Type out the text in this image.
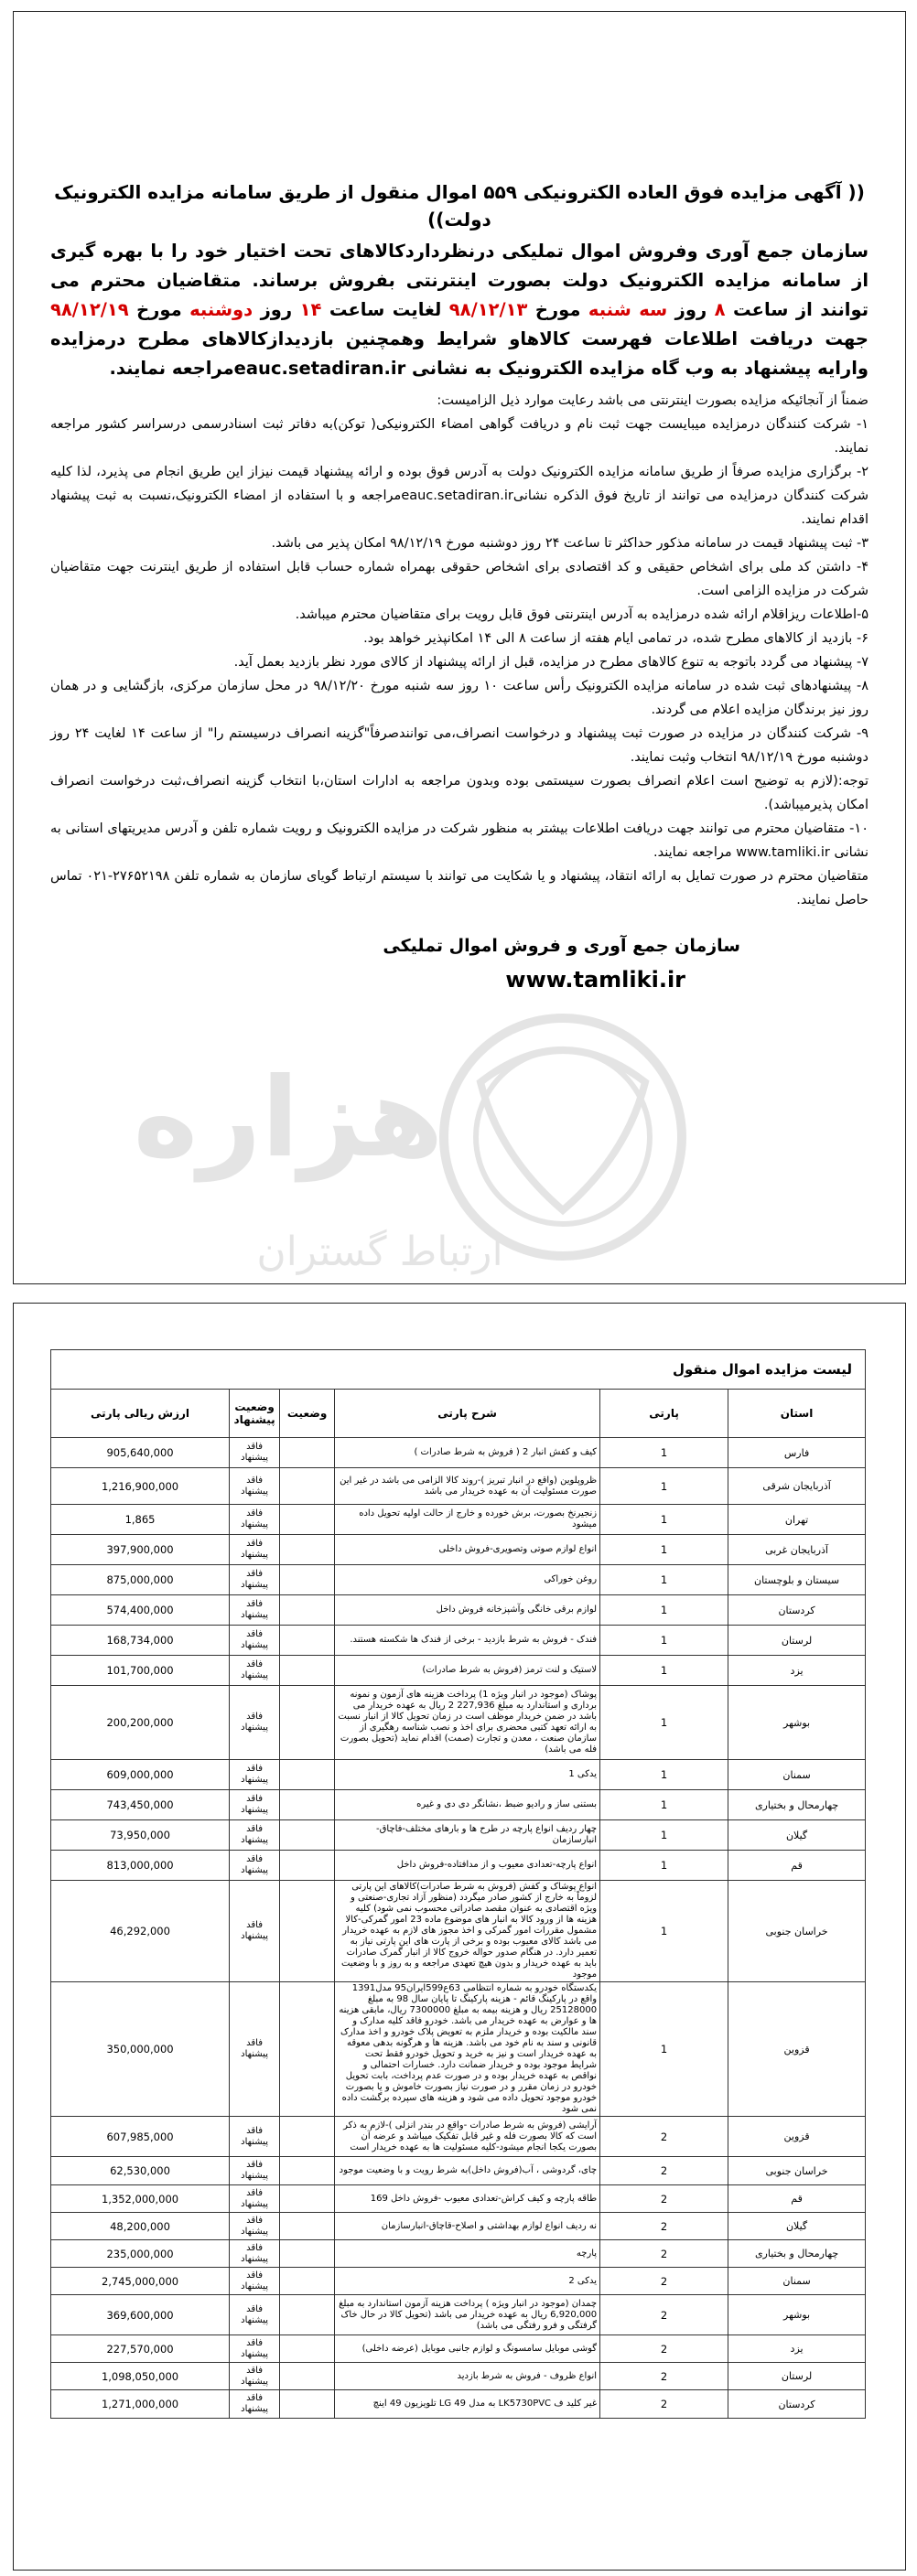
هزاره
ارتباط گستران

(( آگهی مزایده فوق العاده الکترونیکی ۵۵۹ اموال منقول از طریق سامانه مزایده الکترونیک دولت))

سازمان جمع آوری وفروش اموال تملیکی درنظرداردکالاهای تحت اختیار خود را با بهره گیری از سامانه مزایده الکترونیک دولت بصورت اینترنتی بفروش برساند. متقاضیان محترم می توانند از ساعت ۸ روز سه شنبه مورخ ۹۸/۱۲/۱۳ لغایت ساعت ۱۴ روز دوشنبه مورخ ۹۸/۱۲/۱۹ جهت دریافت اطلاعات فهرست کالاهاو شرایط وهمچنین بازدیدازکالاهای مطرح درمزایده وارایه پیشنهاد به وب گاه مزایده الکترونیک به نشانی eauc.setadiran.irمراجعه نمایند.

ضمناً از آنجائیکه مزایده بصورت اینترنتی می باشد رعایت موارد ذیل الزامیست:

۱- شرکت کنندگان درمزایده میبایست جهت ثبت نام و دریافت گواهی امضاء الکترونیکی( توکن)به دفاتر ثبت اسنادرسمی درسراسر کشور مراجعه نمایند.

۲- برگزاری مزایده صرفاً از طریق سامانه مزایده الکترونیک دولت به آدرس فوق بوده و ارائه پیشنهاد قیمت نیزاز این طریق انجام می پذیرد، لذا کلیه شرکت کنندگان درمزایده می توانند از تاریخ فوق الذکره نشانیeauc.setadiran.irمراجعه و با استفاده از امضاء الکترونیک،نسبت به ثبت پیشنهاد اقدام نمایند.

۳- ثبت پیشنهاد قیمت در سامانه مذکور حداکثر تا ساعت ۲۴ روز دوشنبه مورخ ۹۸/۱۲/۱۹ امکان پذیر می باشد.

۴- داشتن کد ملی برای اشخاص حقیقی و کد اقتصادی برای اشخاص حقوقی بهمراه شماره حساب قابل استفاده از طریق اینترنت جهت متقاضیان شرکت در مزایده الزامی است.

۵-اطلاعات ریزاقلام ارائه شده درمزایده به آدرس اینترنتی فوق قابل رویت برای متقاضیان محترم میباشد.

۶- بازدید از کالاهای مطرح شده، در تمامی ایام هفته از ساعت ۸ الی ۱۴ امکانپذیر خواهد بود.

۷- پیشنهاد می گردد باتوجه به تنوع کالاهای مطرح در مزایده، قبل از ارائه پیشنهاد از کالای مورد نظر بازدید بعمل آید.

۸- پیشنهادهای ثبت شده در سامانه مزایده الکترونیک رأس ساعت ۱۰ روز سه شنبه مورخ ۹۸/۱۲/۲۰ در محل سازمان مرکزی، بازگشایی و در همان روز نیز برندگان مزایده اعلام می گردند.

۹- شرکت کنندگان در مزایده در صورت ثبت پیشنهاد و درخواست انصراف،می توانندصرفاً"گزینه انصراف درسیستم را" از ساعت ۱۴ لغایت ۲۴ روز دوشنبه مورخ ۹۸/۱۲/۱۹ انتخاب وثبت نمایند.

توجه:(لازم به توضیح است اعلام انصراف بصورت سیستمی بوده وبدون مراجعه به ادارات استان،با انتخاب گزینه انصراف،ثبت درخواست انصراف امکان پذیرمیباشد).

۱۰- متقاضیان محترم می توانند جهت دریافت اطلاعات بیشتر به منظور شرکت در مزایده الکترونیک و رویت شماره تلفن و آدرس مدیریتهای استانی به نشانی www.tamliki.ir مراجعه نمایند.

متقاضیان محترم در صورت تمایل به ارائه انتقاد، پیشنهاد و یا شکایت می توانند با سیستم ارتباط گویای سازمان به شماره تلفن ۲۷۶۵۲۱۹۸-۰۲۱ تماس حاصل نمایند.

سازمان جمع آوری و فروش اموال تملیکی

www.tamliki.ir

لیست مزایده اموال منقول					
استان	پارتی	شرح پارتی	وضعیت	وضعیت پیشنهاد	ارزش ریالی پارتی
فارس	1	کیف و کفش انبار 2 ( فروش به شرط صادرات )		فاقد پیشنهاد	905,640,000
آذربایجان شرقی	1	ظروپلوین (واقع در انبار تبریز )-روند کالا الزامی می باشد در غیر این صورت مسئولیت آن به عهده خریدار می باشد		فاقد پیشنهاد	1,216,900,000
تهران	1	زنجیرنخ بصورت، برش خورده و خارج از حالت اولیه تحویل داده میشود		فاقد پیشنهاد	1,865
آذربایجان غربی	1	انواع لوازم صوتی وتصویری-فروش داخلی		فاقد پیشنهاد	397,900,000
سیستان و بلوچستان	1	روغن خوراکی		فاقد پیشنهاد	875,000,000
کردستان	1	لوازم برقی خانگی وآشپزخانه فروش داخل		فاقد پیشنهاد	574,400,000
لرستان	1	فندک - فروش به شرط بازدید - برخی از فندک ها شکسته هستند.		فاقد پیشنهاد	168,734,000
یزد	1	لاستیک و لنت ترمز (فروش به شرط صادرات)		فاقد پیشنهاد	101,700,000
بوشهر	1	پوشاک (موجود در انبار ویژه 1) پرداخت هزینه های آزمون و نمونه برداری و استاندارد به مبلغ 227,936 2 ریال به عهده خریدار می باشد در ضمن خریدار موظف است در زمان تحویل کالا از انبار نسبت به ارائه تعهد کتبی محضری برای اخذ و نصب شناسه رهگیری از سازمان صنعت ، معدن و تجارت (صمت) اقدام نماید (تحویل بصورت فله می باشد)		فاقد پیشنهاد	200,200,000
سمنان	1	یدکی 1		فاقد پیشنهاد	609,000,000
چهارمحال و بختیاری	1	بستنی ساز و رادیو ضبط ،نشانگر دی دی و غیره		فاقد پیشنهاد	743,450,000
گیلان	1	چهار ردیف انواع پارچه در طرح ها و بارهای مختلف-فاچاق-انبارسازمان		فاقد پیشنهاد	73,950,000
قم	1	انواع پارچه-تعدادی معیوب و از مدافتاده-فروش داخل		فاقد پیشنهاد	813,000,000
خراسان جنوبی	1	انواع پوشاک و کفش (فروش به شرط صادرات)کالاهای این پارتی لزوماً به خارج از کشور صادر میگردد (منظور آزاد تجاری-صنعتی و ویژه اقتصادی به عنوان مقصد صادراتی محسوب نمی شود) کلیه هزینه ها از ورود کالا به انبار های موضوع ماده 23 امور گمرکی-کالا مشمول مقررات امور گمرکی و اخذ مجوز های لازم به عهده خریدار می باشد کالای معیوب بوده و برخی از پارت های این پارتی نیاز به تعمیر دارد. در هنگام صدور حواله خروج کالا از انبار گمرک صادرات باید به عهده خریدار و بدون هیچ تعهدی مراجعه و به روز و با وضعیت موجود		فاقد پیشنهاد	46,292,000
قزوین	1	یکدستگاه خودرو به شماره انتظامی 63ع599ایران95 مدل1391 واقع در پارکینگ قائم - هزینه پارکینگ تا پایان سال 98 به مبلغ 25128000 ریال و هزینه بیمه به مبلغ 7300000 ریال، مابقی هزینه ها و عوارض به عهده خریدار می باشد. خودرو فاقد کلیه مدارک و سند مالکیت بوده و خریدار ملزم به تعویض پلاک خودرو و اخذ مدارک قانونی و سند به نام خود می باشد. هزینه ها و هرگونه بدهی معوقه به عهده خریدار است و نیز به خرید و تحویل خودرو فقط تحت شرایط موجود بوده و خریدار ضمانت دارد. خسارات احتمالی و نواقص به عهده خریدار بوده و در صورت عدم پرداخت، بابت تحویل خودرو در زمان مقرر و در صورت نیاز بصورت خاموش و یا بصورت خودرو موجود تحویل داده می شود و هزینه های سپرده برگشت داده نمی شود		فاقد پیشنهاد	350,000,000
قزوین	2	آرایشی (فروش به شرط صادرات -واقع در بندر انزلی )-لازم به ذکر است که کالا بصورت فله و غیر قابل تفکیک میباشد و عرضه آن بصورت یکجا انجام میشود-کلیه مسئولیت ها به عهده خریدار است		فاقد پیشنهاد	607,985,000
خراسان جنوبی	2	چای، گردوشی ، آب(فروش داخل)به شرط رویت و با وضعیت موجود		فاقد پیشنهاد	62,530,000
قم	2	طاقه پارچه و کیف کراش-تعدادی معیوب -فروش داخل 169		فاقد پیشنهاد	1,352,000,000
گیلان	2	نه ردیف انواع لوازم بهداشتی و اصلاح-قاچاق-انبارسازمان		فاقد پیشنهاد	48,200,000
چهارمحال و بختیاری	2	پارچه		فاقد پیشنهاد	235,000,000
سمنان	2	یدکی 2		فاقد پیشنهاد	2,745,000,000
بوشهر	2	چمدان (موجود در انبار ویژه ) پرداخت هزینه آزمون استاندارد به مبلغ 6,920,000 ریال به عهده خریدار می باشد (تحویل کالا در حال خاک گرفتگی و فرو رفتگی می باشد)		فاقد پیشنهاد	369,600,000
یزد	2	گوشی موبایل سامسونگ و لوازم جانبی موبایل (عرضه داخلی)		فاقد پیشنهاد	227,570,000
لرستان	2	انواع ظروف - فروش به شرط بازدید		فاقد پیشنهاد	1,098,050,000
کردستان	2	غیر کلید ف LK5730PVC به مدل LG 49 تلویزیون 49 اینچ		فاقد پیشنهاد	1,271,000,000
